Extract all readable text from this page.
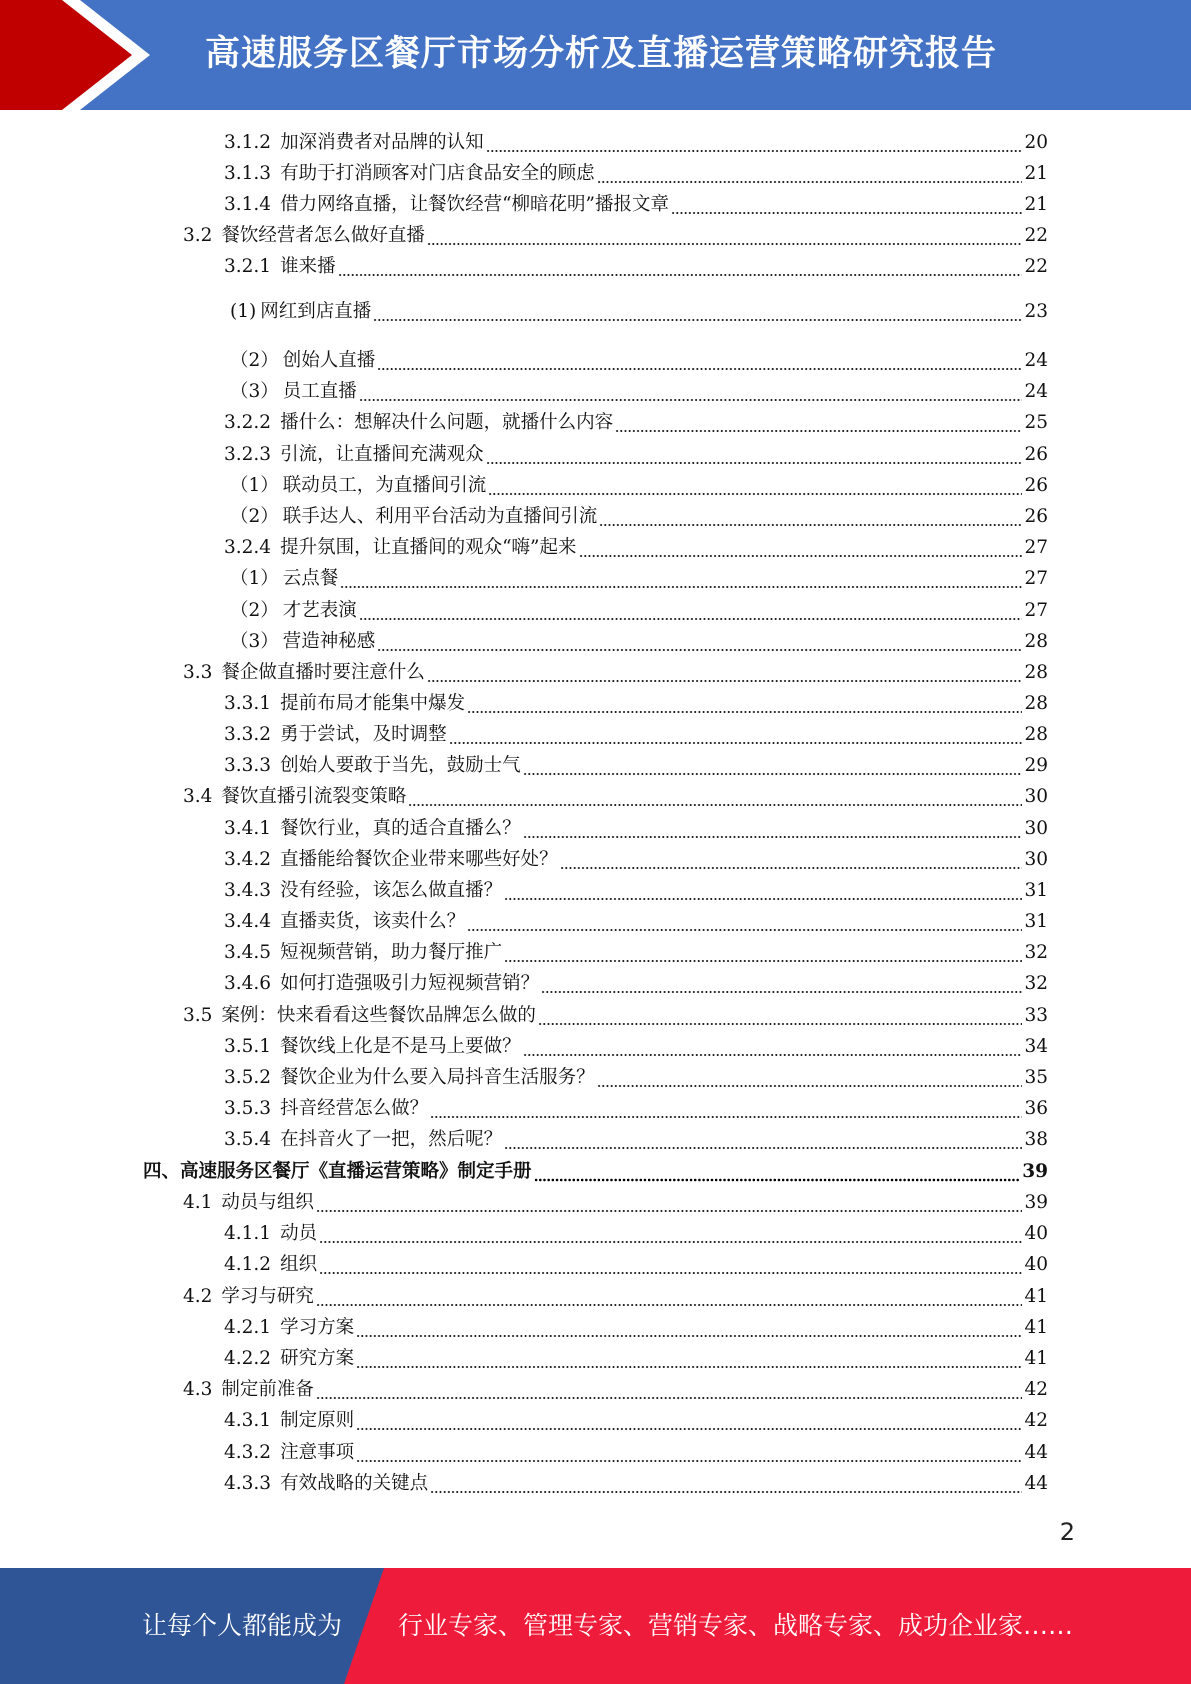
高速服务区餐厅市场分析及直播运营策略研究报告
3.1.2 加深消费者对品牌的认知	20
3.1.3 有助于打消顾客对门店食品安全的顾虑	21
3.1.4 借力网络直播，让餐饮经营“柳暗花明”播报文章	21
3.2 餐饮经营者怎么做好直播	22
3.2.1 谁来播	22
(1) 网红到店直播	23
（2） 创始人直播	24
（3） 员工直播	24
3.2.2 播什么：想解决什么问题，就播什么内容	25
3.2.3 引流，让直播间充满观众	26
（1） 联动员工，为直播间引流	26
（2） 联手达人、利用平台活动为直播间引流	26
3.2.4 提升氛围，让直播间的观众“嗨”起来	27
（1） 云点餐	27
（2） 才艺表演	27
（3） 营造神秘感	28
3.3 餐企做直播时要注意什么	28
3.3.1 提前布局才能集中爆发	28
3.3.2 勇于尝试，及时调整	28
3.3.3 创始人要敢于当先，鼓励士气	29
3.4 餐饮直播引流裂变策略	30
3.4.1 餐饮行业，真的适合直播么？	30
3.4.2 直播能给餐饮企业带来哪些好处？	30
3.4.3 没有经验，该怎么做直播？	31
3.4.4 直播卖货，该卖什么？	31
3.4.5 短视频营销，助力餐厅推广	32
3.4.6 如何打造强吸引力短视频营销？	32
3.5 案例：快来看看这些餐饮品牌怎么做的	33
3.5.1 餐饮线上化是不是马上要做？	34
3.5.2 餐饮企业为什么要入局抖音生活服务？	35
3.5.3 抖音经营怎么做？	36
3.5.4 在抖音火了一把，然后呢？	38
四、 高速服务区餐厅《直播运营策略》制定手册	39
4.1 动员与组织	39
4.1.1 动员	40
4.1.2 组织	40
4.2 学习与研究	41
4.2.1 学习方案	41
4.2.2 研究方案	41
4.3 制定前准备	42
4.3.1 制定原则	42
4.3.2 注意事项	44
4.3.3 有效战略的关键点	44
2
让每个人都能成为 行业专家、管理专家、营销专家、战略专家、成功企业家……
